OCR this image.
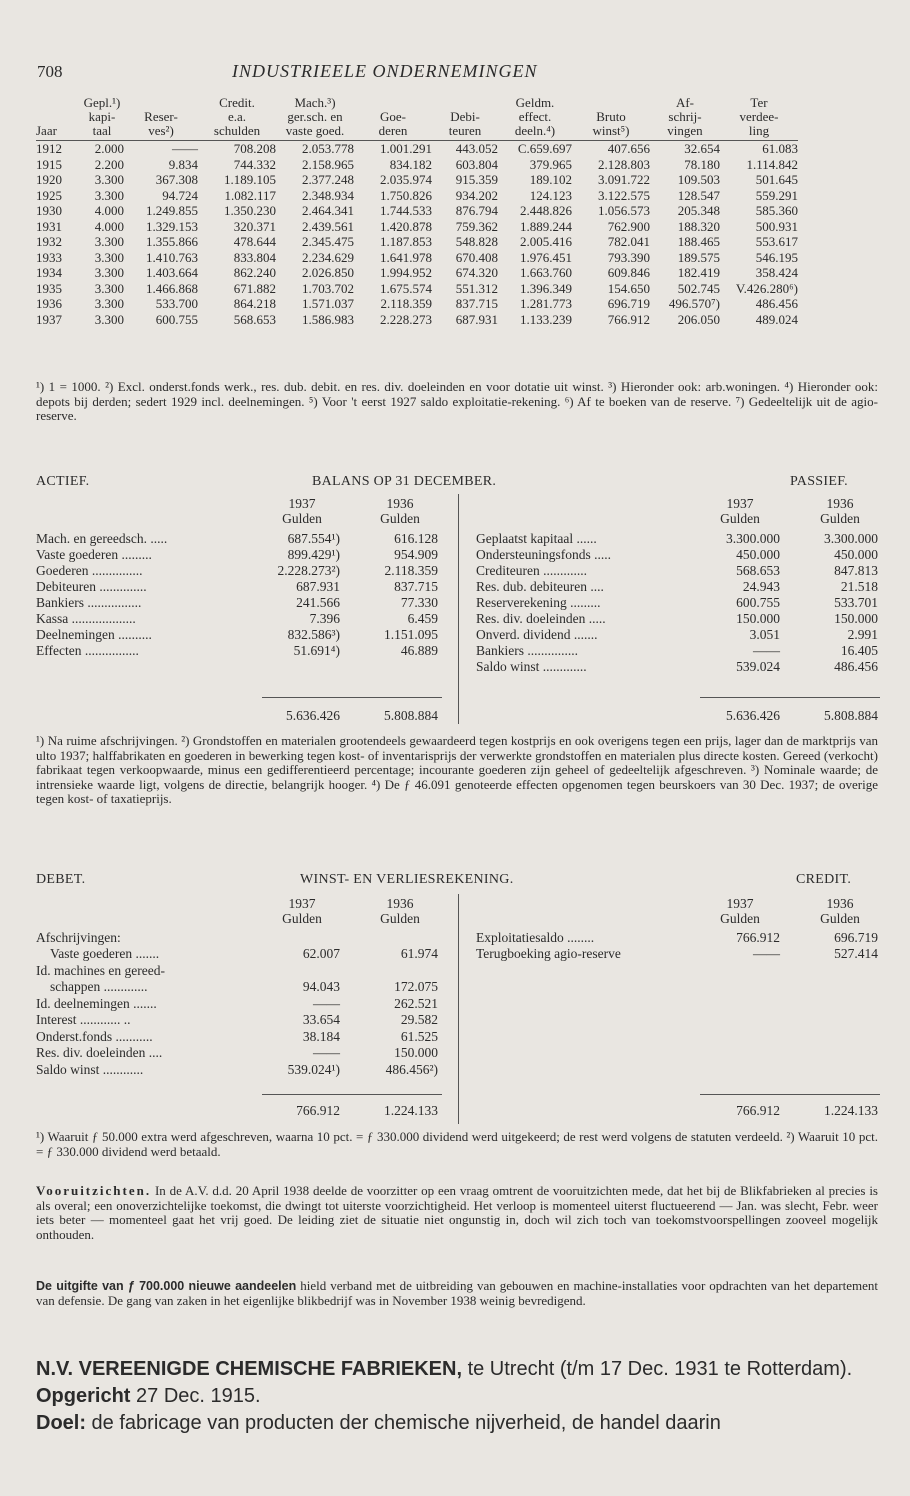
708	INDUSTRIEELE ONDERNEMINGEN
	Gepl.¹)		Credit.	Mach.³)			Geldm.		Af-	Ter
	kapi-	Reser-	e.a.	ger.sch. en	Goe-	Debi-	effect.	Bruto	schrij-	verdee-
Jaar	taal	ves²)	schulden	vaste goed.	deren	teuren	deeln.⁴)	winst⁵)	vingen	ling
1912	2.000	——	708.208	2.053.778	1.001.291	443.052	C.659.697	407.656	32.654	61.083
1915	2.200	9.834	744.332	2.158.965	834.182	603.804	379.965	2.128.803	78.180	1.114.842
1920	3.300	367.308	1.189.105	2.377.248	2.035.974	915.359	189.102	3.091.722	109.503	501.645
1925	3.300	94.724	1.082.117	2.348.934	1.750.826	934.202	124.123	3.122.575	128.547	559.291
1930	4.000	1.249.855	1.350.230	2.464.341	1.744.533	876.794	2.448.826	1.056.573	205.348	585.360
1931	4.000	1.329.153	320.371	2.439.561	1.420.878	759.362	1.889.244	762.900	188.320	500.931
1932	3.300	1.355.866	478.644	2.345.475	1.187.853	548.828	2.005.416	782.041	188.465	553.617
1933	3.300	1.410.763	833.804	2.234.629	1.641.978	670.408	1.976.451	793.390	189.575	546.195
1934	3.300	1.403.664	862.240	2.026.850	1.994.952	674.320	1.663.760	609.846	182.419	358.424
1935	3.300	1.466.868	671.882	1.703.702	1.675.574	551.312	1.396.349	154.650	502.745	V.426.280⁶)
1936	3.300	533.700	864.218	1.571.037	2.118.359	837.715	1.281.773	696.719	496.570⁷)	486.456
1937	3.300	600.755	568.653	1.586.983	2.228.273	687.931	1.133.239	766.912	206.050	489.024
¹) 1 = 1000. ²) Excl. onderst.fonds werk., res. dub. debit. en res. div. doeleinden en voor dotatie uit winst. ³) Hieronder ook: arb.woningen. ⁴) Hieronder ook: depots bij derden; sedert 1929 incl. deelnemingen. ⁵) Voor 't eerst 1927 saldo exploitatie-rekening. ⁶) Af te boeken van de reserve. ⁷) Gedeeltelijk uit de agio-reserve.
ACTIEF.	BALANS OP 31 DECEMBER.	PASSIEF.
1937
Gulden
1936
Gulden
1937
Gulden
1936
Gulden
Mach. en gereedsch. .....	687.554¹)	616.128
Vaste goederen .........	899.429¹)	954.909
Goederen ...............	2.228.273²)	2.118.359
Debiteuren ..............	687.931	837.715
Bankiers ................	241.566	77.330
Kassa ...................	7.396	6.459
Deelnemingen ..........	832.586³)	1.151.095
Effecten ................	51.691⁴)	46.889
Geplaatst kapitaal ......	3.300.000	3.300.000
Ondersteuningsfonds .....	450.000	450.000
Crediteuren .............	568.653	847.813
Res. dub. debiteuren ....	24.943	21.518
Reserverekening .........	600.755	533.701
Res. div. doeleinden .....	150.000	150.000
Onverd. dividend .......	3.051	2.991
Bankiers ...............	——	16.405
Saldo winst .............	539.024	486.456
5.636.426	5.808.884	5.636.426	5.808.884
¹) Na ruime afschrijvingen. ²) Grondstoffen en materialen grootendeels gewaardeerd tegen kostprijs en ook overigens tegen een prijs, lager dan de marktprijs van ulto 1937; halffabrikaten en goederen in bewerking tegen kost- of inventarisprijs der verwerkte grondstoffen en materialen plus directe kosten. Gereed (verkocht) fabrikaat tegen verkoopwaarde, minus een gedifferentieerd percentage; incourante goederen zijn geheel of gedeeltelijk afgeschreven. ³) Nominale waarde; de intrensieke waarde ligt, volgens de directie, belangrijk hooger. ⁴) De ƒ 46.091 genoteerde effecten opgenomen tegen beurskoers van 30 Dec. 1937; de overige tegen kost- of taxatieprijs.
DEBET.	WINST- EN VERLIESREKENING.	CREDIT.
1937
Gulden
1936
Gulden
1937
Gulden
1936
Gulden
Afschrijvingen:
Vaste goederen .......	62.007	61.974
Id. machines en gereed-
schappen .............	94.043	172.075
Id. deelnemingen .......	——	262.521
Interest ............ ..	33.654	29.582
Onderst.fonds ...........	38.184	61.525
Res. div. doeleinden ....	——	150.000
Saldo winst ............	539.024¹)	486.456²)
Exploitatiesaldo ........	766.912	696.719
Terugboeking agio-reserve	——	527.414
766.912	1.224.133	766.912	1.224.133
¹) Waaruit ƒ 50.000 extra werd afgeschreven, waarna 10 pct. = ƒ 330.000 dividend werd uitgekeerd; de rest werd volgens de statuten verdeeld. ²) Waaruit 10 pct. = ƒ 330.000 dividend werd betaald.
Vooruitzichten. In de A.V. d.d. 20 April 1938 deelde de voorzitter op een vraag omtrent de vooruitzichten mede, dat het bij de Blikfabrieken al precies is als overal; een onoverzichtelijke toekomst, die dwingt tot uiterste voorzichtigheid. Het verloop is momenteel uiterst fluctueerend — Jan. was slecht, Febr. weer iets beter — momenteel gaat het vrij goed. De leiding ziet de situatie niet ongunstig in, doch wil zich toch van toekomstvoorspellingen zooveel mogelijk onthouden.
De uitgifte van ƒ 700.000 nieuwe aandeelen hield verband met de uitbreiding van gebouwen en machine-installaties voor opdrachten van het departement van defensie. De gang van zaken in het eigenlijke blikbedrijf was in November 1938 weinig bevredigend.
N.V. VEREENIGDE CHEMISCHE FABRIEKEN, te Utrecht (t/m 17 Dec. 1931 te Rotterdam). Opgericht 27 Dec. 1915.
Doel: de fabricage van producten der chemische nijverheid, de handel daarin
